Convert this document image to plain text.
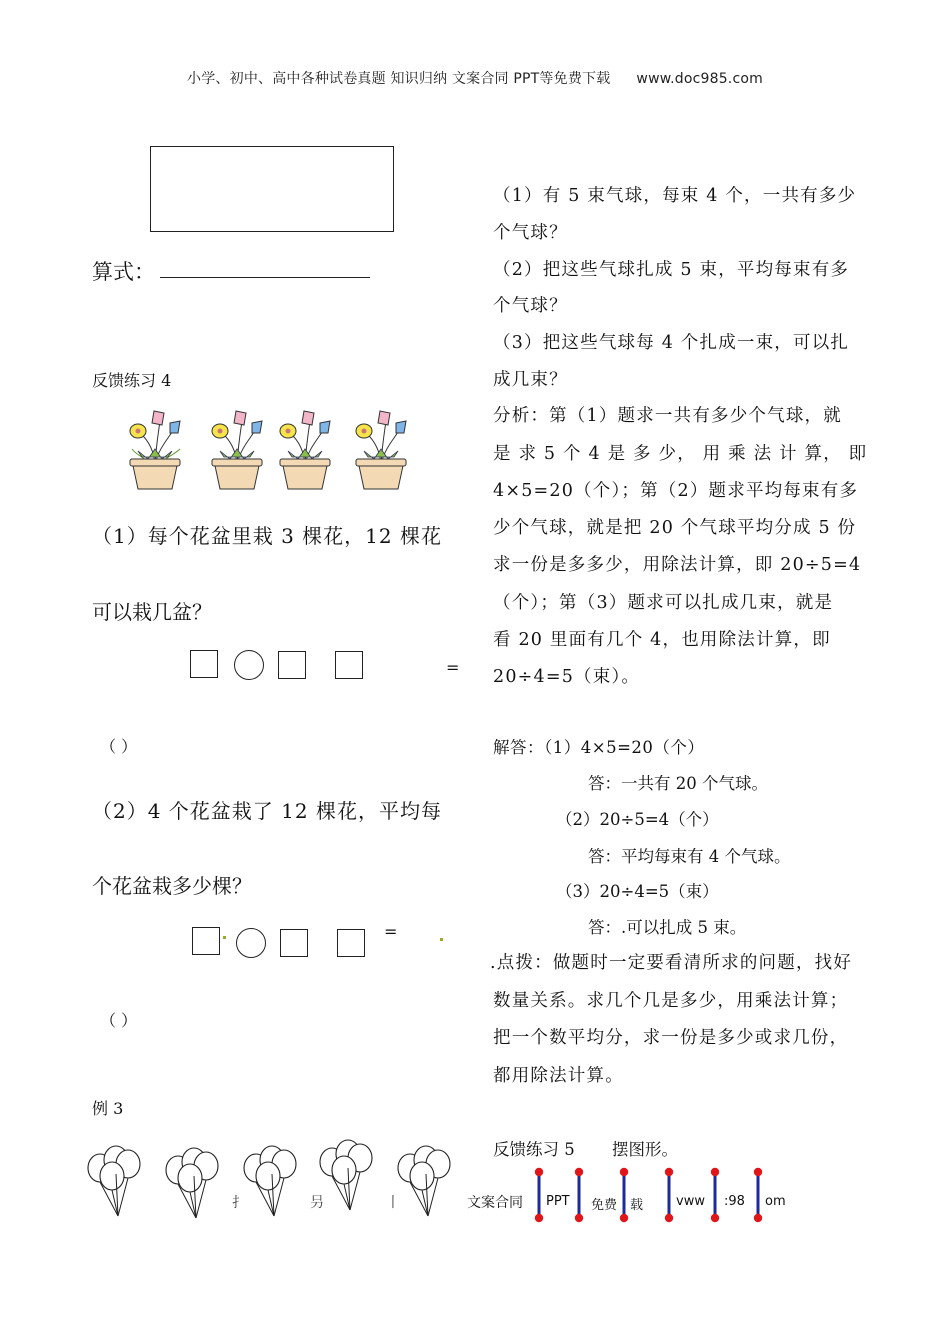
小学、初中、高中各种试卷真题 知识归纳 文案合同 PPT等免费下载 www.doc985.com
算式：
反馈练习 4
（1）每个花盆里栽 3 棵花，12 棵花
可以栽几盆？
=
（ ）
（2）4 个花盆栽了 12 棵花，平均每
个花盆栽多少棵？
=
（ ）
例 3
扌	叧	丨	文案合同
（1）有 5 束气球，每束 4 个，一共有多少
个气球？
（2）把这些气球扎成 5 束，平均每束有多
个气球？
（3）把这些气球每 4 个扎成一束，可以扎
成几束？
分析：第（1）题求一共有多少个气球，就
是 求 5 个 4 是 多 少， 用 乘 法 计 算， 即
4×5=20（个）；第（2）题求平均每束有多
少个气球，就是把 20 个气球平均分成 5 份
求一份是多多少，用除法计算，即 20÷5=4
（个）；第（3）题求可以扎成几束，就是
看 20 里面有几个 4，也用除法计算，即
20÷4=5（束）。
解答：（1）4×5=20（个）
答：一共有 20 个气球。
（2）20÷5=4（个）
答：平均每束有 4 个气球。
（3）20÷4=5（束）
答：.可以扎成 5 束。
.点拨：做题时一定要看清所求的问题，找好
数量关系。求几个几是多少，用乘法计算；
把一个数平均分，求一份是多少或求几份，
都用除法计算。
反馈练习 5 摆图形。
PPT 免费 载	vww :98 om
